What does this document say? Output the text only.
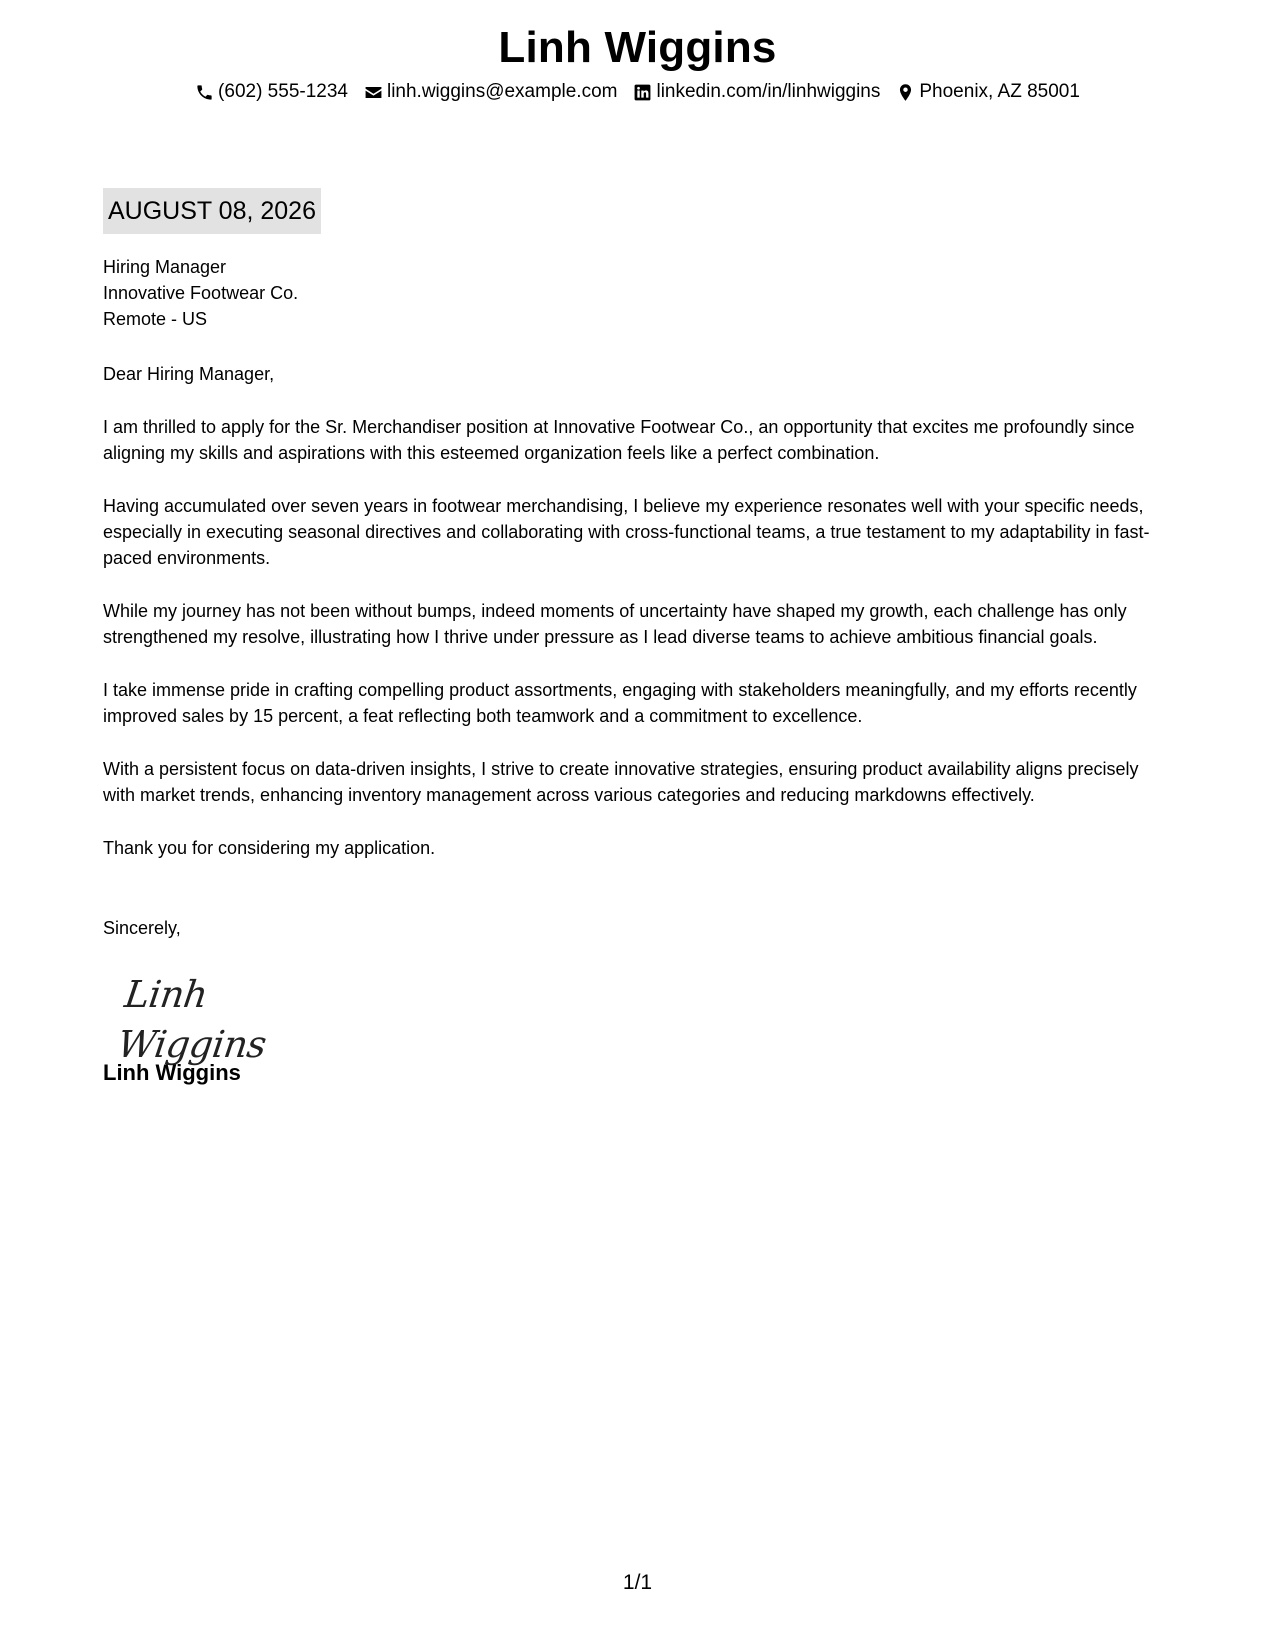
Linh Wiggins
(602) 555-1234 linh.wiggins@example.com linkedin.com/in/linhwiggins Phoenix, AZ 85001
AUGUST 08, 2026
Hiring Manager
Innovative Footwear Co.
Remote - US
Dear Hiring Manager,
I am thrilled to apply for the Sr. Merchandiser position at Innovative Footwear Co., an opportunity that excites me profoundly since aligning my skills and aspirations with this esteemed organization feels like a perfect combination.
Having accumulated over seven years in footwear merchandising, I believe my experience resonates well with your specific needs, especially in executing seasonal directives and collaborating with cross-functional teams, a true testament to my adaptability in fast-paced environments.
While my journey has not been without bumps, indeed moments of uncertainty have shaped my growth, each challenge has only strengthened my resolve, illustrating how I thrive under pressure as I lead diverse teams to achieve ambitious financial goals.
I take immense pride in crafting compelling product assortments, engaging with stakeholders meaningfully, and my efforts recently improved sales by 15 percent, a feat reflecting both teamwork and a commitment to excellence.
With a persistent focus on data-driven insights, I strive to create innovative strategies, ensuring product availability aligns precisely with market trends, enhancing inventory management across various categories and reducing markdowns effectively.
Thank you for considering my application.
Sincerely,
Linh Wiggins
Linh Wiggins
1/1
